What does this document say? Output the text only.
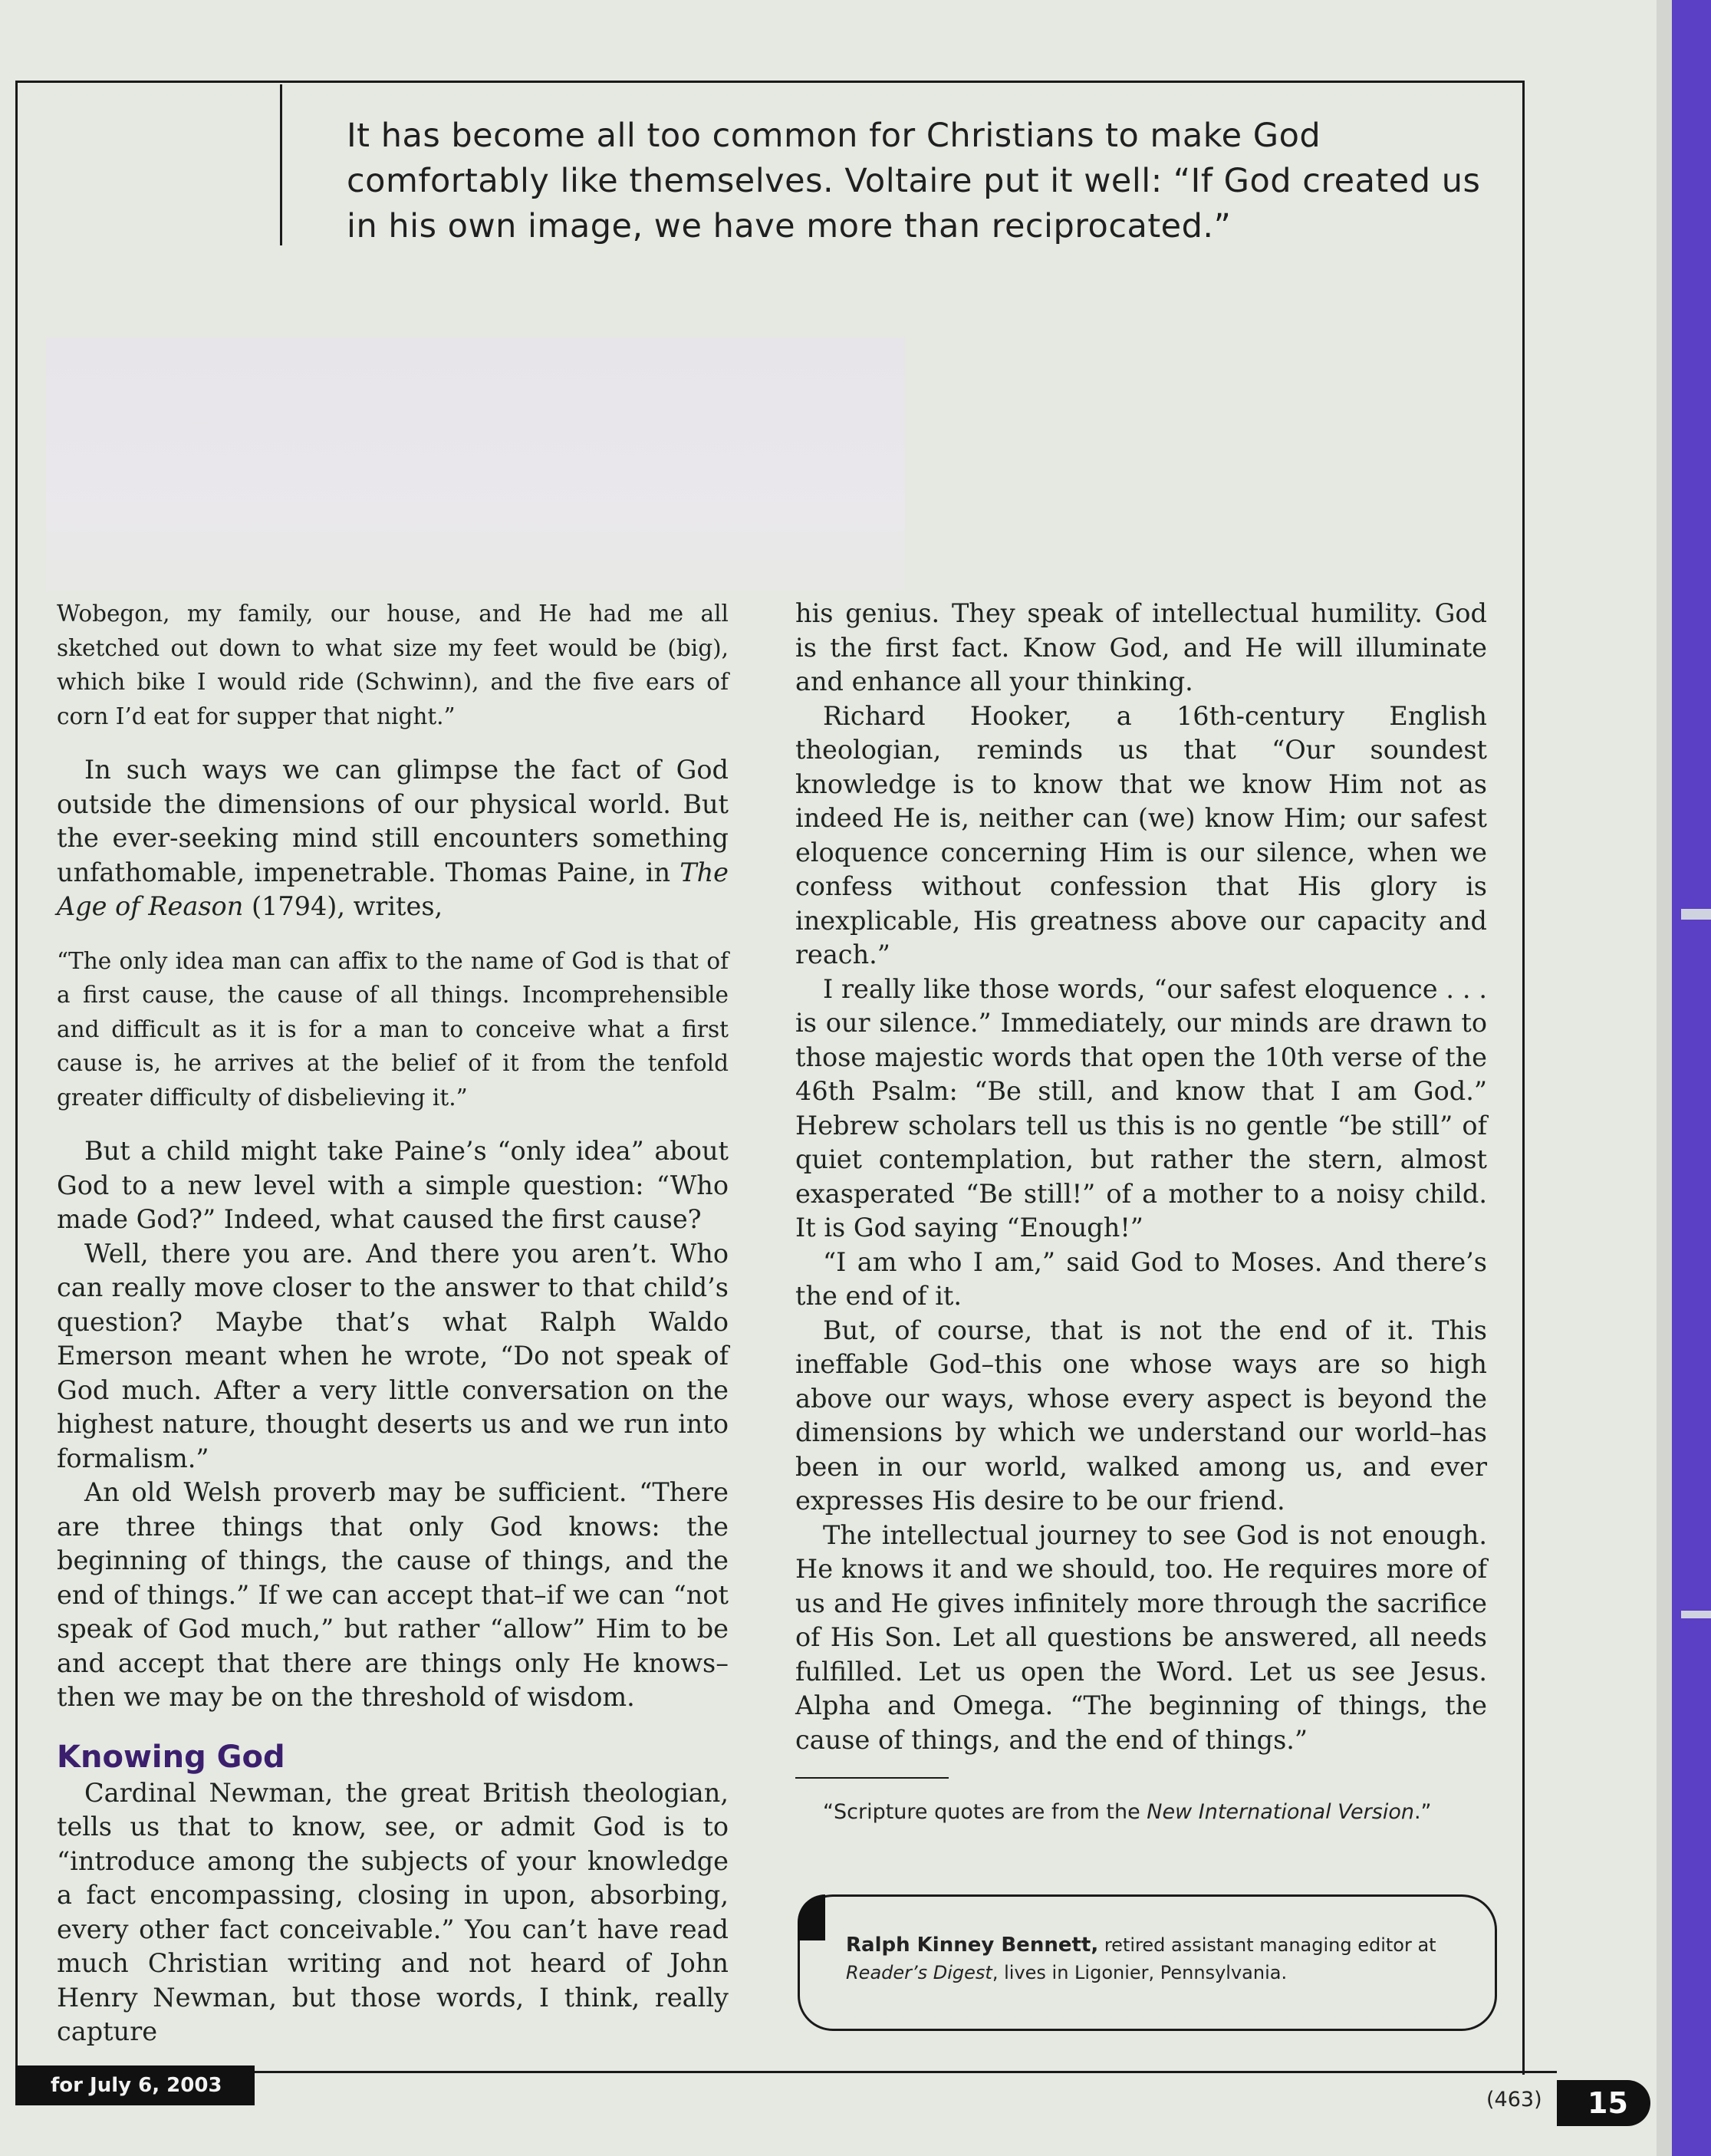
It has become all too common for Christians to make God comfortably like themselves. Voltaire put it well: “If God created us in his own image, we have more than reciprocated.”

Wobegon, my family, our house, and He had me all sketched out down to what size my feet would be (big), which bike I would ride (Schwinn), and the five ears of corn I’d eat for supper that night.”

In such ways we can glimpse the fact of God outside the dimensions of our physical world. But the ever-seeking mind still encounters something unfathomable, impenetrable. Thomas Paine, in The Age of Reason (1794), writes,

“The only idea man can affix to the name of God is that of a first cause, the cause of all things. Incomprehensible and difficult as it is for a man to conceive what a first cause is, he arrives at the belief of it from the tenfold greater difficulty of disbelieving it.”

But a child might take Paine’s “only idea” about God to a new level with a simple question: “Who made God?” Indeed, what caused the first cause?

Well, there you are. And there you aren’t. Who can really move closer to the answer to that child’s question? Maybe that’s what Ralph Waldo Emerson meant when he wrote, “Do not speak of God much. After a very little conversation on the highest nature, thought deserts us and we run into formalism.”

An old Welsh proverb may be sufficient. “There are three things that only God knows: the beginning of things, the cause of things, and the end of things.” If we can accept that–if we can “not speak of God much,” but rather “allow” Him to be and accept that there are things only He knows–then we may be on the threshold of wisdom.

Knowing God

Cardinal Newman, the great British theologian, tells us that to know, see, or admit God is to “introduce among the subjects of your knowledge a fact encompassing, closing in upon, absorbing, every other fact conceivable.” You can’t have read much Christian writing and not heard of John Henry Newman, but those words, I think, really capture

his genius. They speak of intellectual humility. God is the first fact. Know God, and He will illuminate and enhance all your thinking.

Richard Hooker, a 16th-century English theologian, reminds us that “Our soundest knowledge is to know that we know Him not as indeed He is, neither can (we) know Him; our safest eloquence concerning Him is our silence, when we confess without confession that His glory is inexplicable, His greatness above our capacity and reach.”

I really like those words, “our safest eloquence . . . is our silence.” Immediately, our minds are drawn to those majestic words that open the 10th verse of the 46th Psalm: “Be still, and know that I am God.” Hebrew scholars tell us this is no gentle “be still” of quiet contemplation, but rather the stern, almost exasperated “Be still!” of a mother to a noisy child. It is God saying “Enough!”

“I am who I am,” said God to Moses. And there’s the end of it.

But, of course, that is not the end of it. This ineffable God–this one whose ways are so high above our ways, whose every aspect is beyond the dimensions by which we understand our world–has been in our world, walked among us, and ever expresses His desire to be our friend.

The intellectual journey to see God is not enough. He knows it and we should, too. He requires more of us and He gives infinitely more through the sacrifice of His Son. Let all questions be answered, all needs fulfilled. Let us open the Word. Let us see Jesus. Alpha and Omega. “The beginning of things, the cause of things, and the end of things.”

“Scripture quotes are from the New International Version.”
Ralph Kinney Bennett, retired assistant managing editor at
Reader’s Digest, lives in Ligonier, Pennsylvania.
for July 6, 2003
(463)	15
